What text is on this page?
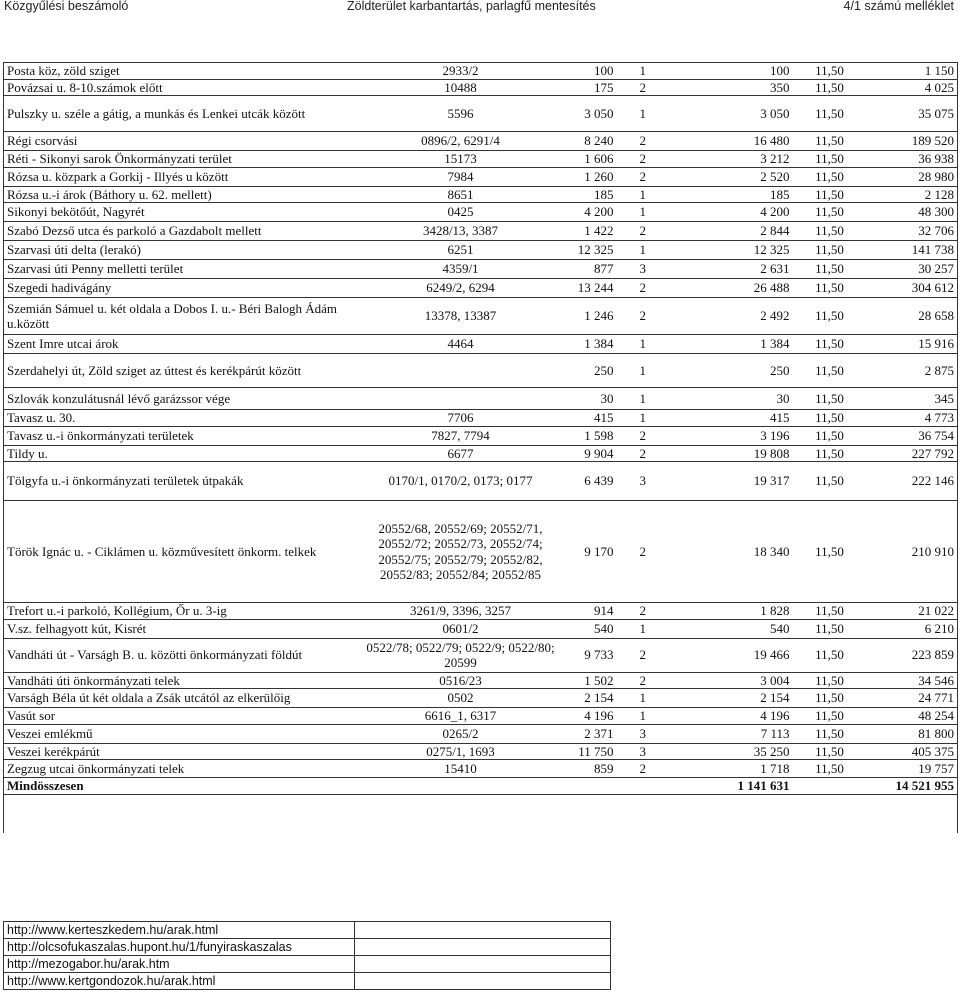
Közgyűlési beszámoló	Zöldterület karbantartás, parlagfű mentesítés	4/1 számú melléklet
Posta köz, zöld sziget	2933/2	100	1	100	11,50	1 150
Povázsai u. 8-10.számok előtt	10488	175	2	350	11,50	4 025
Pulszky u. széle a gátig, a munkás és Lenkei utcák között	5596	3 050	1	3 050	11,50	35 075
Régi csorvási	0896/2, 6291/4	8 240	2	16 480	11,50	189 520
Réti - Sikonyi sarok Önkormányzati terület	15173	1 606	2	3 212	11,50	36 938
Rózsa u. közpark a Gorkij - Illyés u között	7984	1 260	2	2 520	11,50	28 980
Rózsa u.-i árok (Báthory u. 62. mellett)	8651	185	1	185	11,50	2 128
Sikonyi bekötőút, Nagyrét	0425	4 200	1	4 200	11,50	48 300
Szabó Dezső utca és parkoló a Gazdabolt mellett	3428/13, 3387	1 422	2	2 844	11,50	32 706
Szarvasi úti delta (lerakó)	6251	12 325	1	12 325	11,50	141 738
Szarvasi úti Penny melletti terület	4359/1	877	3	2 631	11,50	30 257
Szegedi hadivágány	6249/2, 6294	13 244	2	26 488	11,50	304 612
Szemián Sámuel u. két oldala a Dobos I. u.- Béri Balogh Ádám u.között	13378, 13387	1 246	2	2 492	11,50	28 658
Szent Imre utcai árok	4464	1 384	1	1 384	11,50	15 916
Szerdahelyi út, Zöld sziget az úttest és kerékpárút között		250	1	250	11,50	2 875
Szlovák konzulátusnál lévő garázssor vége		30	1	30	11,50	345
Tavasz u. 30.	7706	415	1	415	11,50	4 773
Tavasz u.-i önkormányzati területek	7827, 7794	1 598	2	3 196	11,50	36 754
Tildy u.	6677	9 904	2	19 808	11,50	227 792
Tölgyfa u.-i önkormányzati területek útpakák	0170/1, 0170/2, 0173; 0177	6 439	3	19 317	11,50	222 146
Török Ignác u. - Ciklámen u. közművesített önkorm. telkek	20552/68, 20552/69; 20552/71, 20552/72; 20552/73, 20552/74; 20552/75; 20552/79; 20552/82, 20552/83; 20552/84; 20552/85	9 170	2	18 340	11,50	210 910
Trefort u.-i parkoló, Kollégium, Őr u. 3-ig	3261/9, 3396, 3257	914	2	1 828	11,50	21 022
V.sz. felhagyott kút, Kisrét	0601/2	540	1	540	11,50	6 210
Vandháti út - Varságh B. u. közötti önkormányzati földút	0522/78; 0522/79; 0522/9; 0522/80; 20599	9 733	2	19 466	11,50	223 859
Vandháti úti önkormányzati telek	0516/23	1 502	2	3 004	11,50	34 546
Varságh Béla út két oldala a Zsák utcától az elkerülőig	0502	2 154	1	2 154	11,50	24 771
Vasút sor	6616_1, 6317	4 196	1	4 196	11,50	48 254
Veszei emlékmű	0265/2	2 371	3	7 113	11,50	81 800
Veszei kerékpárút	0275/1, 1693	11 750	3	35 250	11,50	405 375
Zegzug utcai önkormányzati telek	15410	859	2	1 718	11,50	19 757
Mindösszesen				1 141 631		14 521 955

http://www.kerteszkedem.hu/arak.html	
http://olcsofukaszalas.hupont.hu/1/funyiraskaszalas	
http://mezogabor.hu/arak.htm	
http://www.kertgondozok.hu/arak.html	
